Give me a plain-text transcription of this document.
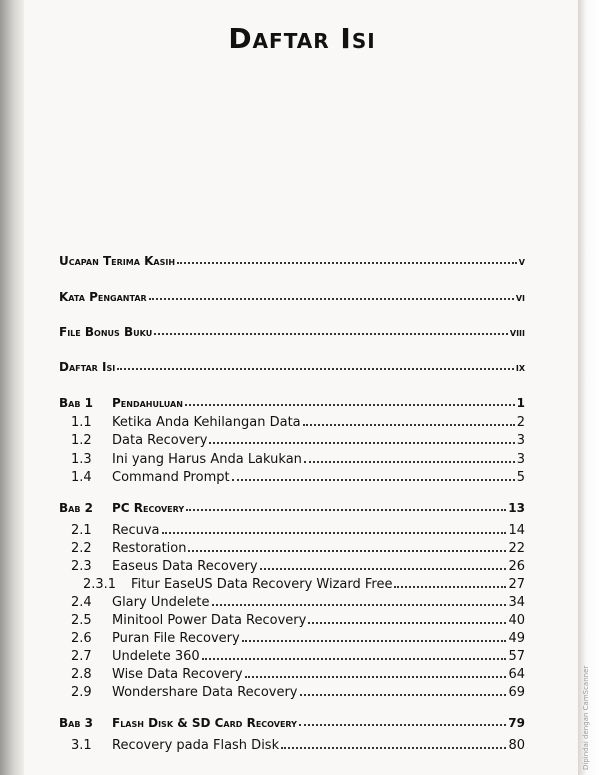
Daftar Isi
Ucapan Terima Kasih	v
Kata Pengantar	vi
File Bonus Buku	viii
Daftar Isi	ix
Bab 1	Pendahuluan	1
1.1	Ketika Anda Kehilangan Data	2
1.2	Data Recovery	3
1.3	Ini yang Harus Anda Lakukan	3
1.4	Command Prompt	5
Bab 2	PC Recovery	13
2.1	Recuva	14
2.2	Restoration	22
2.3	Easeus Data Recovery	26
2.3.1	Fitur EaseUS Data Recovery Wizard Free	27
2.4	Glary Undelete	34
2.5	Minitool Power Data Recovery	40
2.6	Puran File Recovery	49
2.7	Undelete 360	57
2.8	Wise Data Recovery	64
2.9	Wondershare Data Recovery	69
Bab 3	Flash Disk & SD Card Recovery	79
3.1	Recovery pada Flash Disk	80	Dipindai dengan CamScanner
